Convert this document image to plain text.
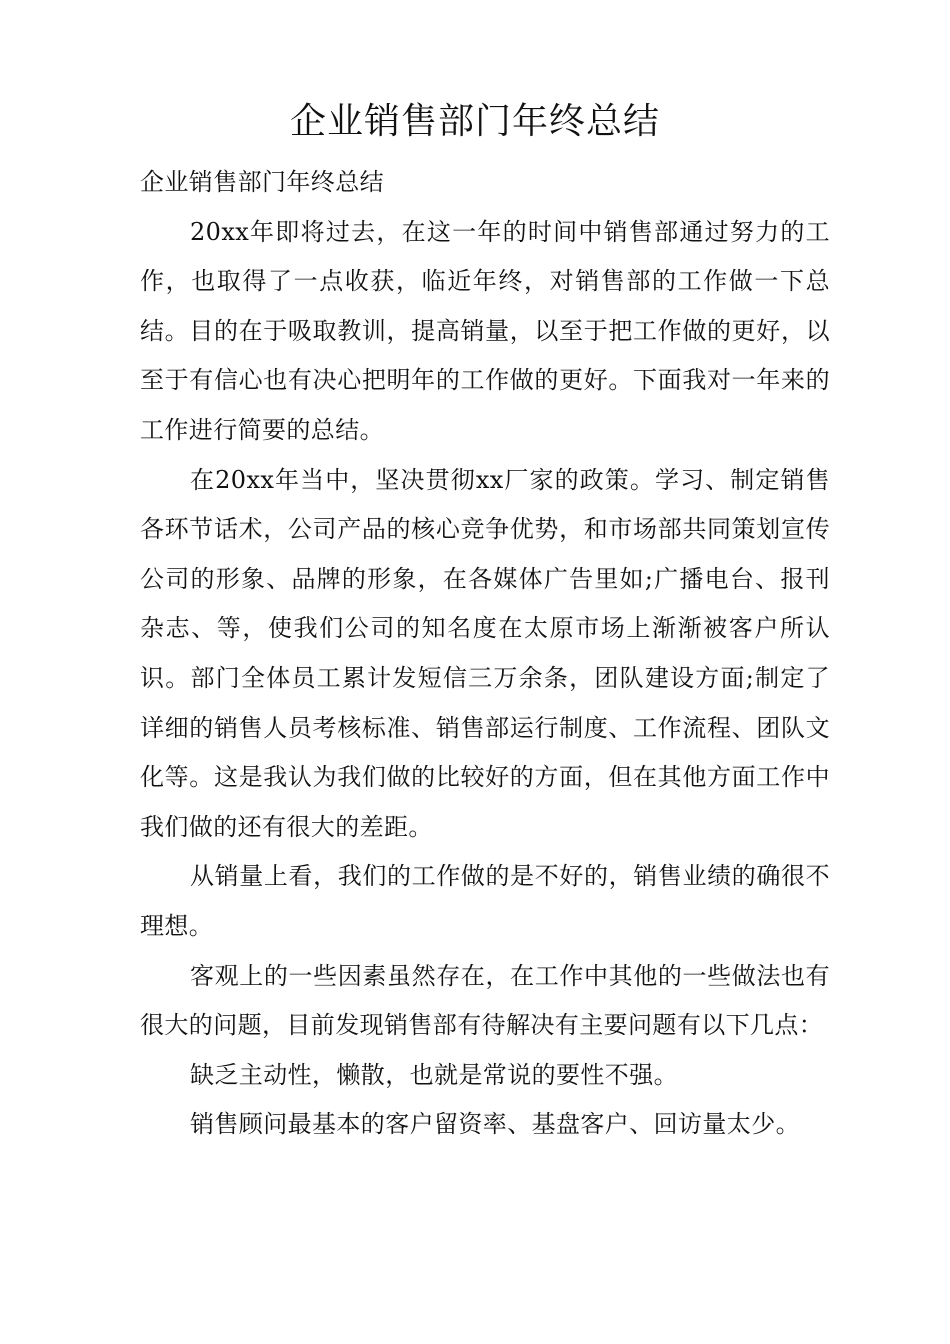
企业销售部门年终总结

企业销售部门年终总结

20xx年即将过去，在这一年的时间中销售部通过努力的工作，也取得了一点收获，临近年终，对销售部的工作做一下总结。目的在于吸取教训，提高销量，以至于把工作做的更好，以至于有信心也有决心把明年的工作做的更好。下面我对一年来的工作进行简要的总结。

在20xx年当中，坚决贯彻xx厂家的政策。学习、制定销售各环节话术，公司产品的核心竞争优势，和市场部共同策划宣传公司的形象、品牌的形象，在各媒体广告里如;广播电台、报刊杂志、等，使我们公司的知名度在太原市场上渐渐被客户所认识。部门全体员工累计发短信三万余条，团队建设方面;制定了详细的销售人员考核标准、销售部运行制度、工作流程、团队文化等。这是我认为我们做的比较好的方面，但在其他方面工作中我们做的还有很大的差距。

从销量上看，我们的工作做的是不好的，销售业绩的确很不理想。

客观上的一些因素虽然存在，在工作中其他的一些做法也有很大的问题，目前发现销售部有待解决有主要问题有以下几点：

缺乏主动性，懒散，也就是常说的要性不强。

销售顾问最基本的客户留资率、基盘客户、回访量太少。
